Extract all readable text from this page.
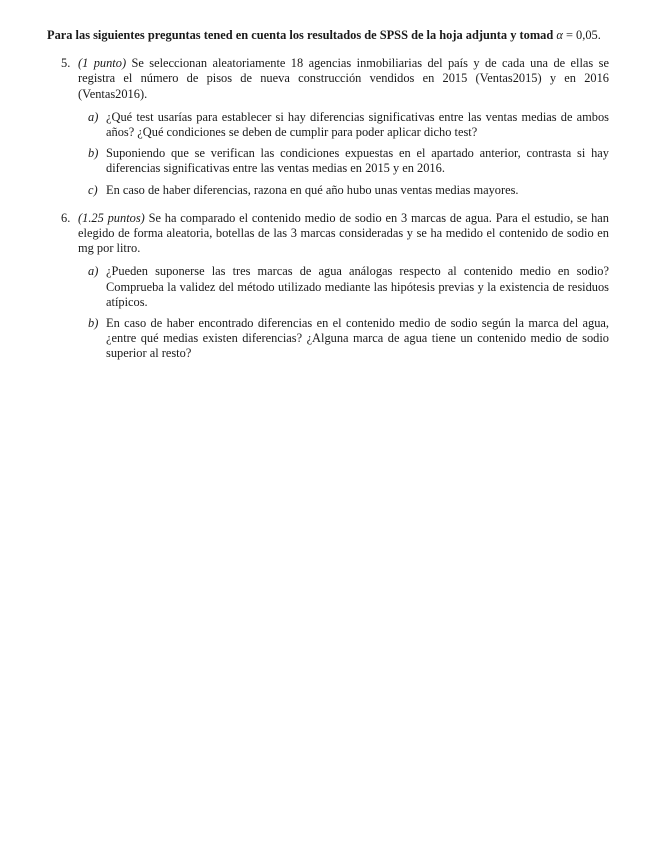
Para las siguientes preguntas tened en cuenta los resultados de SPSS de la hoja adjunta y tomad α = 0,05.

5. (1 punto) Se seleccionan aleatoriamente 18 agencias inmobiliarias del país y de cada una de ellas se registra el número de pisos de nueva construcción vendidos en 2015 (Ventas2015) y en 2016 (Ventas2016).

a) ¿Qué test usarías para establecer si hay diferencias significativas entre las ventas medias de ambos años? ¿Qué condiciones se deben de cumplir para poder aplicar dicho test?

b) Suponiendo que se verifican las condiciones expuestas en el apartado anterior, contrasta si hay diferencias significativas entre las ventas medias en 2015 y en 2016.

c) En caso de haber diferencias, razona en qué año hubo unas ventas medias mayores.

6. (1.25 puntos) Se ha comparado el contenido medio de sodio en 3 marcas de agua. Para el estudio, se han elegido de forma aleatoria, botellas de las 3 marcas consideradas y se ha medido el contenido de sodio en mg por litro.

a) ¿Pueden suponerse las tres marcas de agua análogas respecto al contenido medio en sodio? Comprueba la validez del método utilizado mediante las hipótesis previas y la existencia de residuos atípicos.

b) En caso de haber encontrado diferencias en el contenido medio de sodio según la marca del agua, ¿entre qué medias existen diferencias? ¿Alguna marca de agua tiene un contenido medio de sodio superior al resto?
